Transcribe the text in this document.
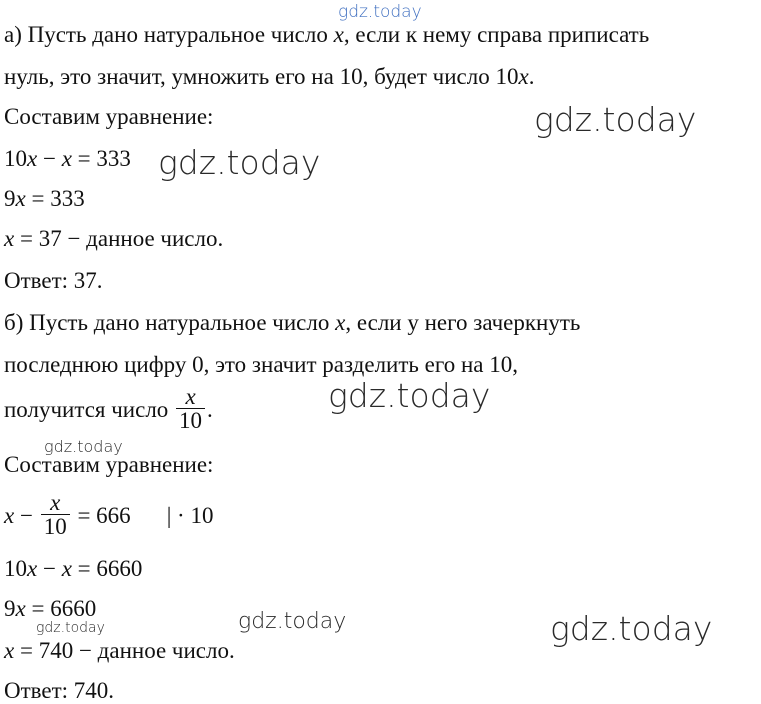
gdz.today
gdz.today
gdz.today
gdz.today
gdz.today
gdz.today	gdz.today
gdz.today
а) Пусть дано натуральное число x, если к нему справа приписать
нуль, это значит, умножить его на 10, будет число 10x.
Составим уравнение:
10x − x = 333
9x = 333
x = 37 − данное число.
Ответ: 37.
б) Пусть дано натуральное число x, если у него зачеркнуть
последнюю цифру 0, это значит разделить его на 10,
получится число $\frac{x}{10}$ .
Составим уравнение:
$x - \frac{x}{10} = 666$ | · 10
10x − x = 6660
9x = 6660
x = 740 − данное число.
Ответ: 740.
